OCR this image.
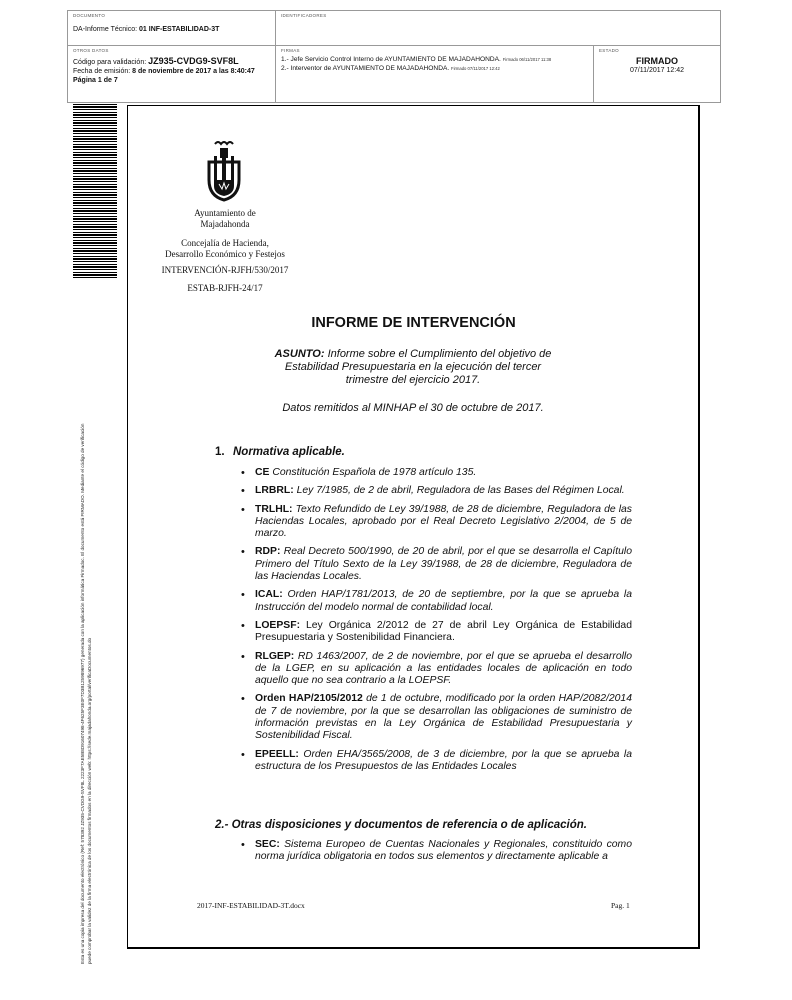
DOCUMENTO
DA-Informe Técnico: 01 INF-ESTABILIDAD-3T
IDENTIFICADORES
OTROS DATOS
Código para validación: JZ935-CVDG9-SVF8L
Fecha de emisión: 8 de noviembre de 2017 a las 8:40:47
Página 1 de 7
FIRMAS
1.- Jefe Servicio Control Interno de AYUNTAMIENTO DE MAJADAHONDA. Firmado 06/11/2017 11:38
2.- Interventor de AYUNTAMIENTO DE MAJADAHONDA. Firmado 07/11/2017 12:42
ESTADO
FIRMADO
07/11/2017 12:42
Esta es una copia impresa del documento electrónico (Ref: 578392 JZ935-CVDG9-SVF8L 2223F7AE5B8D91607498-4F625F3E0F7D3B1259896977) generada con la aplicación informática Firmadoc. El documento está FIRMADO. Mediante el código de verificación puede comprobar la validez de la firma electrónica de los documentos firmados en la dirección web: https://sede.majadahonda.org/portal/verificaDocumentos.do
Ayuntamiento de
Majadahonda
Concejalía de Hacienda,
Desarrollo Económico y Festejos
INTERVENCIÓN-RJFH/530/2017
ESTAB-RJFH-24/17
INFORME DE INTERVENCIÓN
ASUNTO: Informe sobre el Cumplimiento del objetivo de
Estabilidad Presupuestaria en la ejecución del tercer
trimestre del ejercicio 2017.
Datos remitidos al MINHAP el 30 de octubre de 2017.
1. Normativa aplicable.
• CE Constitución Española de 1978 artículo 135.
• LRBRL: Ley 7/1985, de 2 de abril, Reguladora de las Bases del Régimen Local.
• TRLHL: Texto Refundido de Ley 39/1988, de 28 de diciembre, Reguladora de las Haciendas Locales, aprobado por el Real Decreto Legislativo 2/2004, de 5 de marzo.
• RDP: Real Decreto 500/1990, de 20 de abril, por el que se desarrolla el Capítulo Primero del Título Sexto de la Ley 39/1988, de 28 de diciembre, Reguladora de las Haciendas Locales.
• ICAL: Orden HAP/1781/2013, de 20 de septiembre, por la que se aprueba la Instrucción del modelo normal de contabilidad local.
• LOEPSF: Ley Orgánica 2/2012 de 27 de abril Ley Orgánica de Estabilidad Presupuestaria y Sostenibilidad Financiera.
• RLGEP: RD 1463/2007, de 2 de noviembre, por el que se aprueba el desarrollo de la LGEP, en su aplicación a las entidades locales de aplicación en todo aquello que no sea contrario a la LOEPSF.
• Orden HAP/2105/2012 de 1 de octubre, modificado por la orden HAP/2082/2014 de 7 de noviembre, por la que se desarrollan las obligaciones de suministro de información previstas en la Ley Orgánica de Estabilidad Presupuestaria y Sostenibilidad Fiscal.
• EPEELL: Orden EHA/3565/2008, de 3 de diciembre, por la que se aprueba la estructura de los Presupuestos de las Entidades Locales
2.- Otras disposiciones y documentos de referencia o de aplicación.
• SEC: Sistema Europeo de Cuentas Nacionales y Regionales, constituido como norma jurídica obligatoria en todos sus elementos y directamente aplicable a
2017-INF-ESTABILIDAD-3T.docx	Pag. 1
